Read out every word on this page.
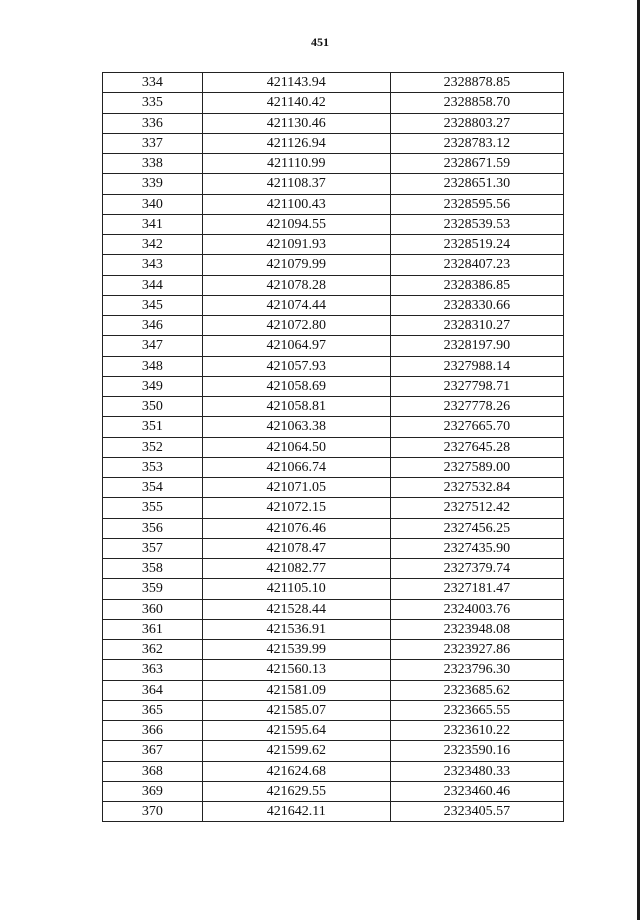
451
334	421143.94	2328878.85
335	421140.42	2328858.70
336	421130.46	2328803.27
337	421126.94	2328783.12
338	421110.99	2328671.59
339	421108.37	2328651.30
340	421100.43	2328595.56
341	421094.55	2328539.53
342	421091.93	2328519.24
343	421079.99	2328407.23
344	421078.28	2328386.85
345	421074.44	2328330.66
346	421072.80	2328310.27
347	421064.97	2328197.90
348	421057.93	2327988.14
349	421058.69	2327798.71
350	421058.81	2327778.26
351	421063.38	2327665.70
352	421064.50	2327645.28
353	421066.74	2327589.00
354	421071.05	2327532.84
355	421072.15	2327512.42
356	421076.46	2327456.25
357	421078.47	2327435.90
358	421082.77	2327379.74
359	421105.10	2327181.47
360	421528.44	2324003.76
361	421536.91	2323948.08
362	421539.99	2323927.86
363	421560.13	2323796.30
364	421581.09	2323685.62
365	421585.07	2323665.55
366	421595.64	2323610.22
367	421599.62	2323590.16
368	421624.68	2323480.33
369	421629.55	2323460.46
370	421642.11	2323405.57
